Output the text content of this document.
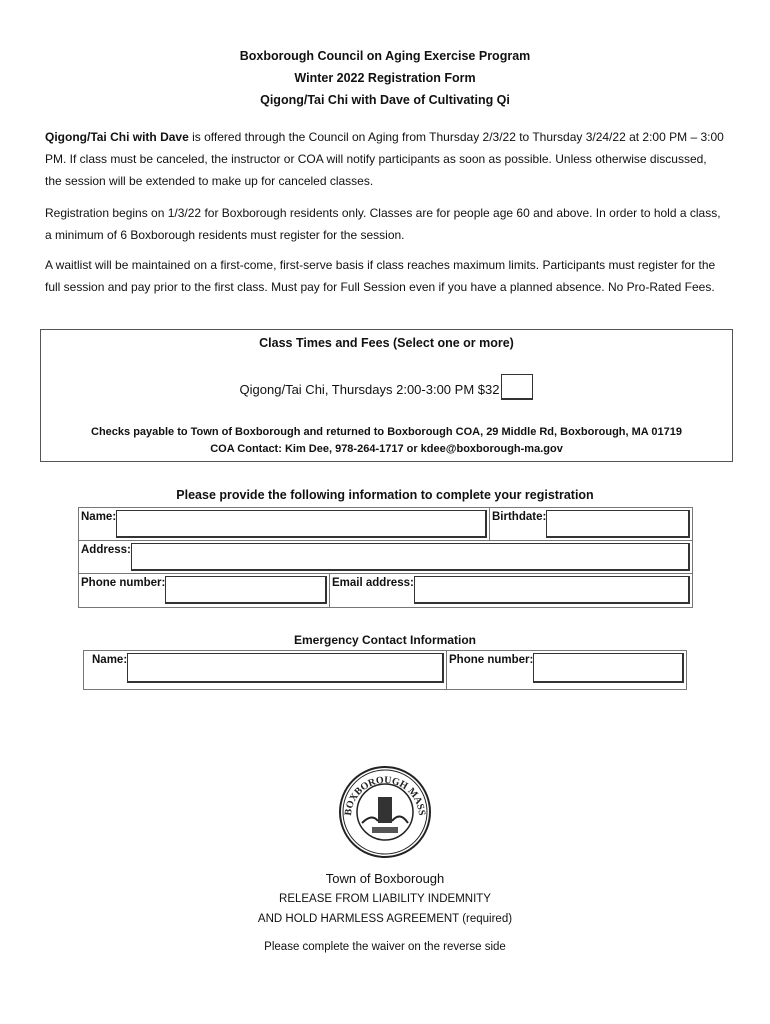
Boxborough Council on Aging Exercise Program
Winter 2022 Registration Form
Qigong/Tai Chi with Dave of Cultivating Qi
Qigong/Tai Chi with Dave is offered through the Council on Aging from Thursday 2/3/22 to Thursday 3/24/22 at 2:00 PM – 3:00 PM. If class must be canceled, the instructor or COA will notify participants as soon as possible. Unless otherwise discussed, the session will be extended to make up for canceled classes.
Registration begins on 1/3/22 for Boxborough residents only. Classes are for people age 60 and above. In order to hold a class, a minimum of 6 Boxborough residents must register for the session.
A waitlist will be maintained on a first-come, first-serve basis if class reaches maximum limits. Participants must register for the full session and pay prior to the first class. Must pay for Full Session even if you have a planned absence. No Pro-Rated Fees.
Class Times and Fees (Select one or more)
Qigong/Tai Chi, Thursdays 2:00-3:00 PM $32
Checks payable to Town of Boxborough and returned to Boxborough COA, 29 Middle Rd, Boxborough, MA 01719
COA Contact: Kim Dee, 978-264-1717 or kdee@boxborough-ma.gov
Please provide the following information to complete your registration
Name:	Birthdate:
Address:
Phone number:	Email address:
Emergency Contact Information
Name:	Phone number:
BOXBOROUGH MASS
Town of Boxborough
RELEASE FROM LIABILITY INDEMNITY
AND HOLD HARMLESS AGREEMENT (required)
Please complete the waiver on the reverse side
